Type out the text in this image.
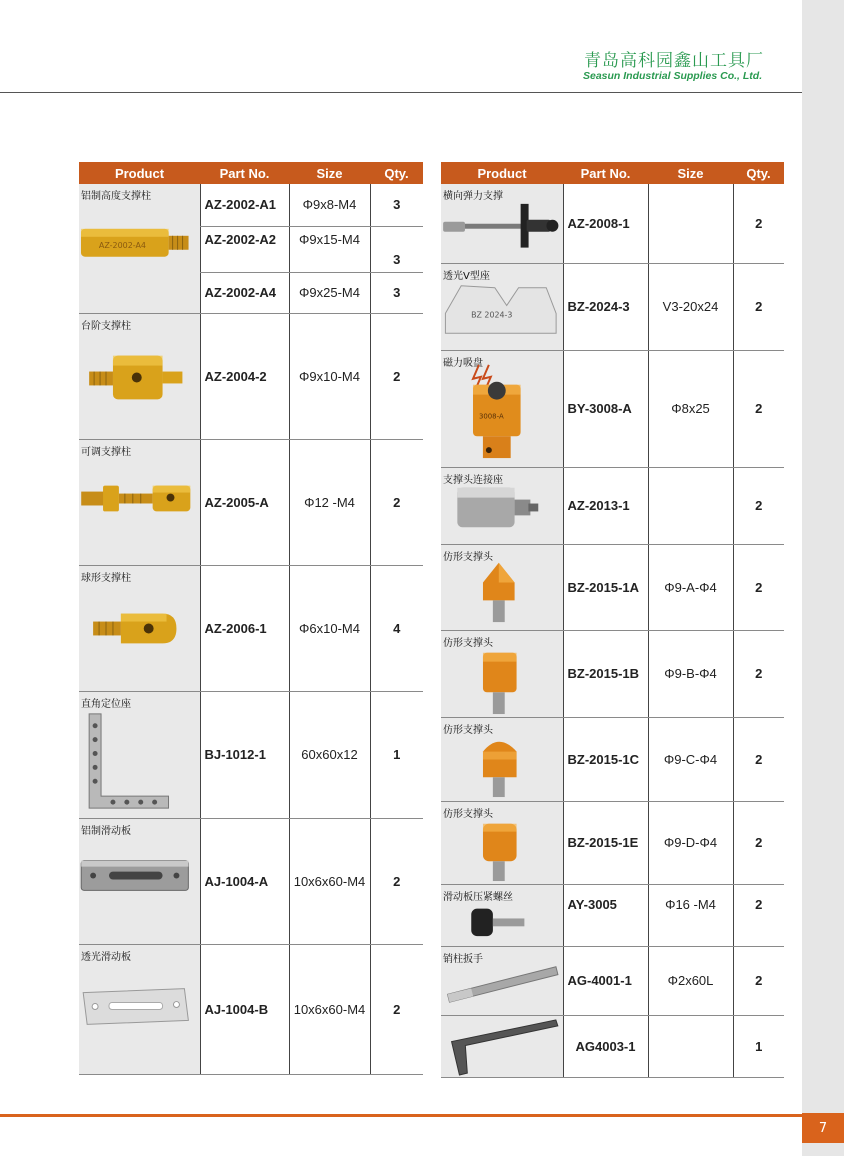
青岛高科园鑫山工具厂
Seasun Industrial Supplies Co., Ltd.
Product	Part No.	Size	Qty.

铝制高度支撑柱
AZ-2002-A4	AZ-2002-A1	Φ9x8-M4	3
	AZ-2002-A2	Φ9x15-M4	3
	AZ-2002-A4	Φ9x25-M4	3

台阶支撑柱	AZ-2004-2	Φ9x10-M4	2

可调支撑柱	AZ-2005-A	Φ12 -M4	2

球形支撑柱	AZ-2006-1	Φ6x10-M4	4

直角定位座	BJ-1012-1	60x60x12	1

铝制滑动板	AJ-1004-A	10x6x60-M4	2

透光滑动板	AJ-1004-B	10x6x60-M4	2
Product	Part No.	Size	Qty.

横向弹力支撑	AZ-2008-1		2

透光V型座
BZ 2024-3	BZ-2024-3	V3-20x24	2

磁力吸盘
3008-A	BY-3008-A	Φ8x25	2

支撑头连接座	AZ-2013-1		2

仿形支撑头	BZ-2015-1A	Φ9-A-Φ4	2

仿形支撑头	BZ-2015-1B	Φ9-B-Φ4	2

仿形支撑头	BZ-2015-1C	Φ9-C-Φ4	2

仿形支撑头	BZ-2015-1E	Φ9-D-Φ4	2

滑动板压紧螺丝	AY-3005	Φ16 -M4	2

销柱扳手	AG-4001-1	Φ2x60L	2

	AG4003-1		1
7
